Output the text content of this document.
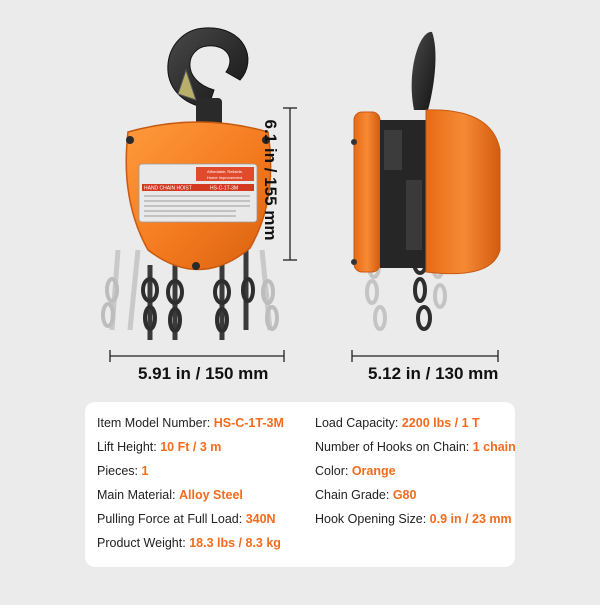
Affordable, Reliable,
Home Improvement.
HAND CHAIN HOIST	HS-C-1T-3M 6.1 in / 155 mm
5.91 in / 150 mm	5.12 in / 130 mm
Item Model Number: HS-C-1T-3M
Lift Height: 10 Ft / 3 m
Pieces: 1
Main Material: Alloy Steel
Pulling Force at Full Load: 340N
Product Weight: 18.3 lbs / 8.3 kg
Load Capacity: 2200 lbs / 1 T
Number of Hooks on Chain: 1 chain
Color: Orange
Chain Grade: G80
Hook Opening Size: 0.9 in / 23 mm
